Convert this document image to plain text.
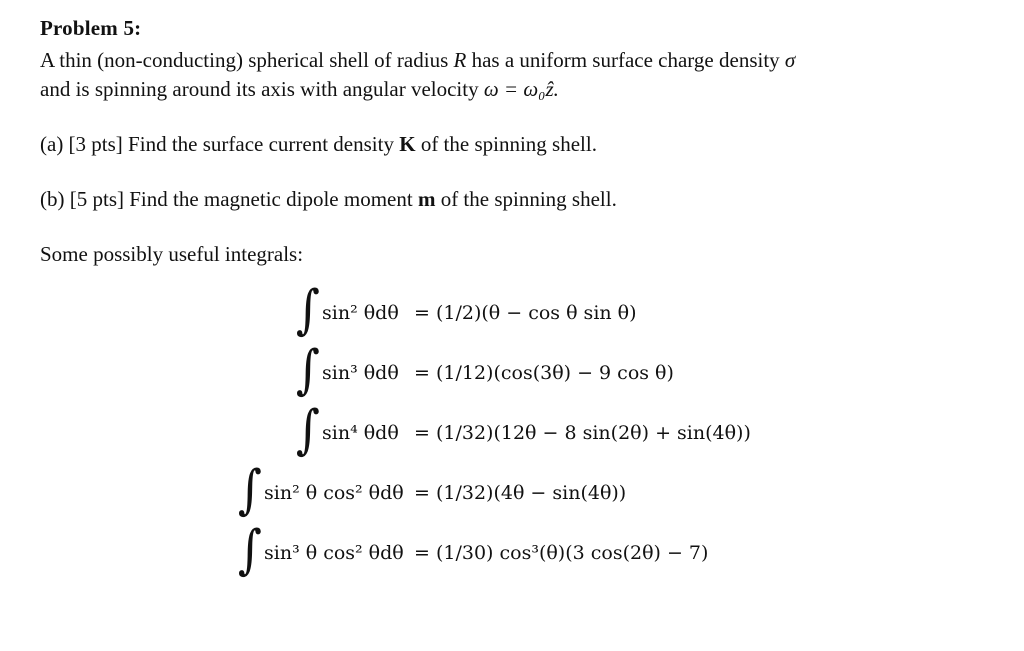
Problem 5:
A thin (non-conducting) spherical shell of radius R has a uniform surface charge density σ
and is spinning around its axis with angular velocity ω = ω₀ẑ.
(a) [3 pts] Find the surface current density K of the spinning shell.
(b) [5 pts] Find the magnetic dipole moment m of the spinning shell.
Some possibly useful integrals:
∫ sin² θdθ = (1/2)(θ − cos θ sin θ)
∫ sin³ θdθ = (1/12)(cos(3θ) − 9 cos θ)
∫ sin⁴ θdθ = (1/32)(12θ − 8 sin(2θ) + sin(4θ))
∫ sin² θ cos² θdθ = (1/32)(4θ − sin(4θ))
∫ sin³ θ cos² θdθ = (1/30) cos³(θ)(3 cos(2θ) − 7)
